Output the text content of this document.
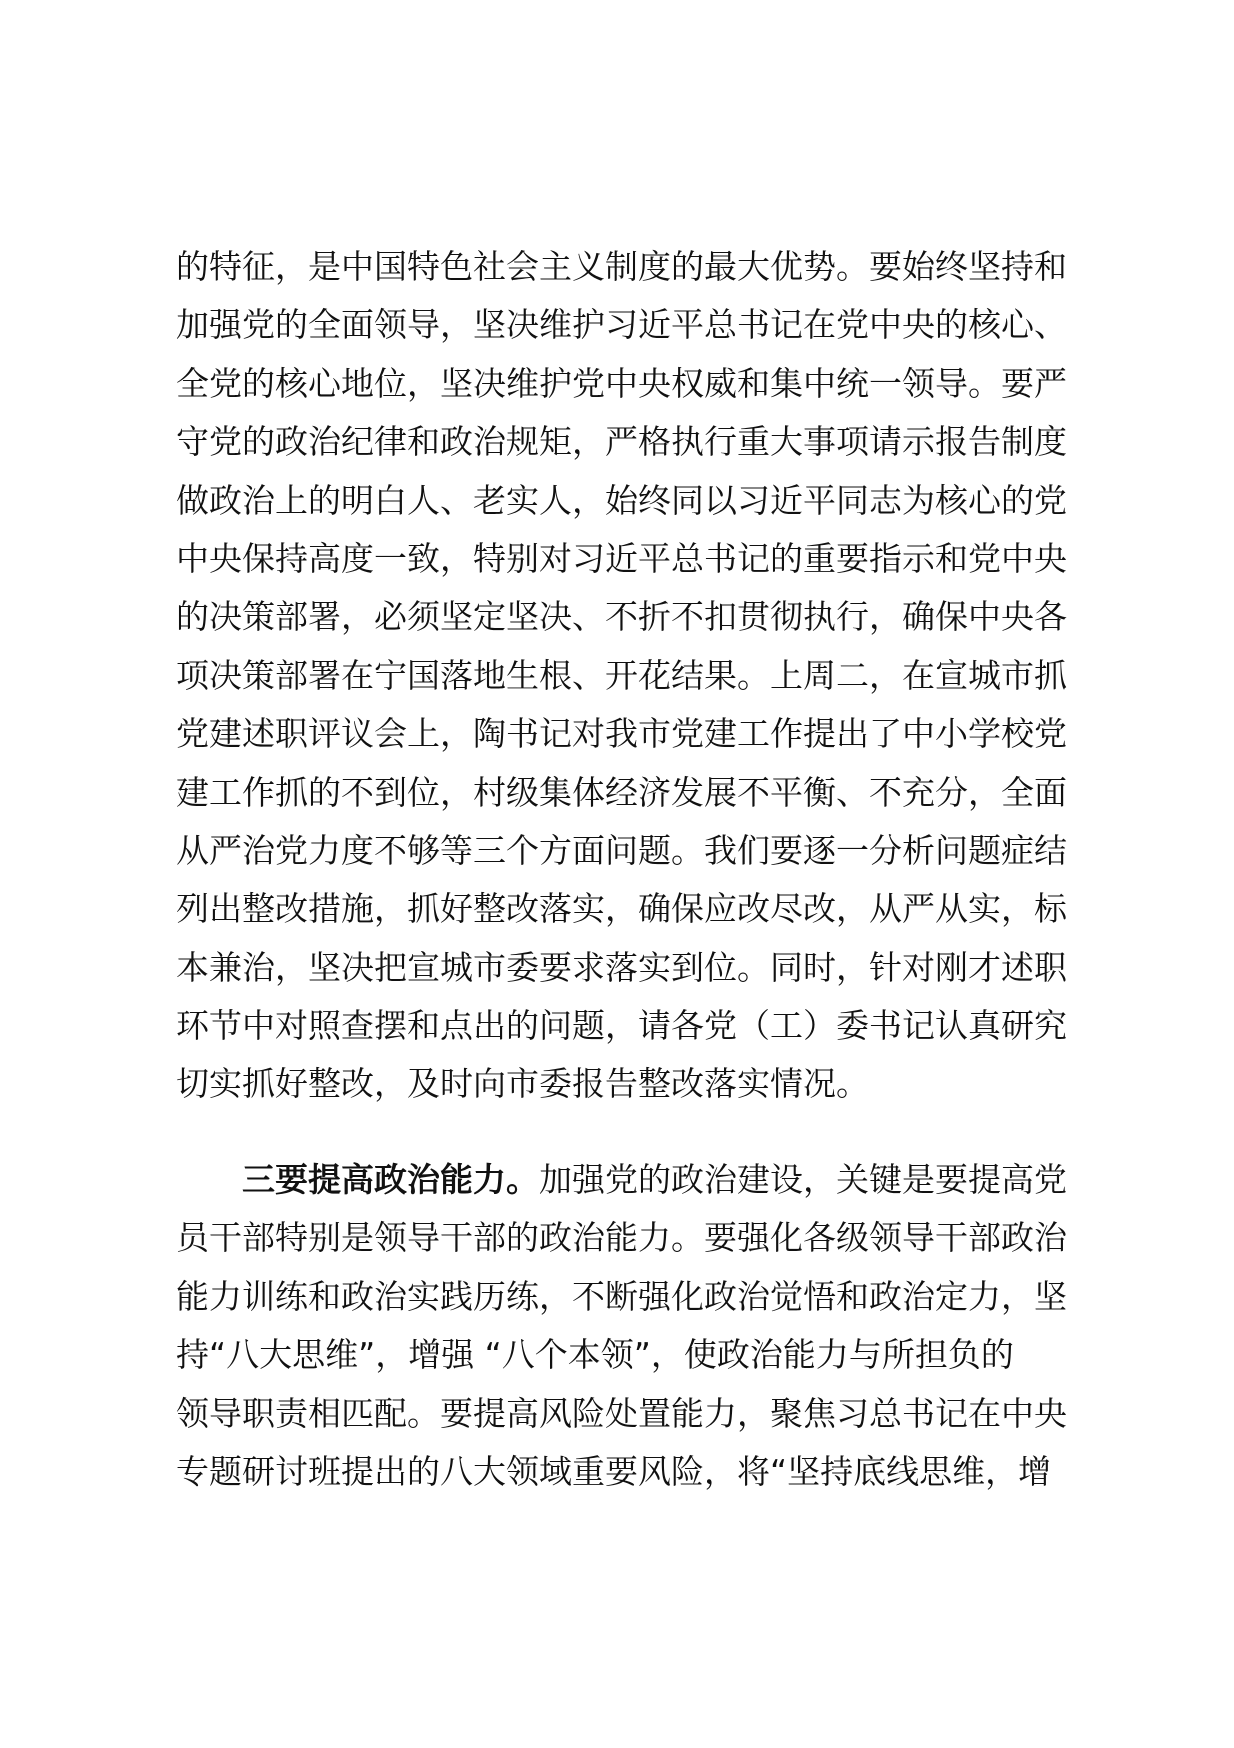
的特征，是中国特色社会主义制度的最大优势。要始终坚持和
加强党的全面领导，坚决维护习近平总书记在党中央的核心、
全党的核心地位，坚决维护党中央权威和集中统一领导。要严
守党的政治纪律和政治规矩，严格执行重大事项请示报告制度
做政治上的明白人、老实人，始终同以习近平同志为核心的党
中央保持高度一致，特别对习近平总书记的重要指示和党中央
的决策部署，必须坚定坚决、不折不扣贯彻执行，确保中央各
项决策部署在宁国落地生根、开花结果。上周二，在宣城市抓
党建述职评议会上，陶书记对我市党建工作提出了中小学校党
建工作抓的不到位，村级集体经济发展不平衡、不充分，全面
从严治党力度不够等三个方面问题。我们要逐一分析问题症结
列出整改措施，抓好整改落实，确保应改尽改，从严从实，标
本兼治，坚决把宣城市委要求落实到位。同时，针对刚才述职
环节中对照查摆和点出的问题，请各党（工）委书记认真研究
切实抓好整改，及时向市委报告整改落实情况。
三要提高政治能力。加强党的政治建设，关键是要提高党
员干部特别是领导干部的政治能力。要强化各级领导干部政治
能力训练和政治实践历练，不断强化政治觉悟和政治定力，坚
持“八大思维”，增强 “八个本领”，使政治能力与所担负的
领导职责相匹配。要提高风险处置能力，聚焦习总书记在中央
专题研讨班提出的八大领域重要风险，将“坚持底线思维，增
